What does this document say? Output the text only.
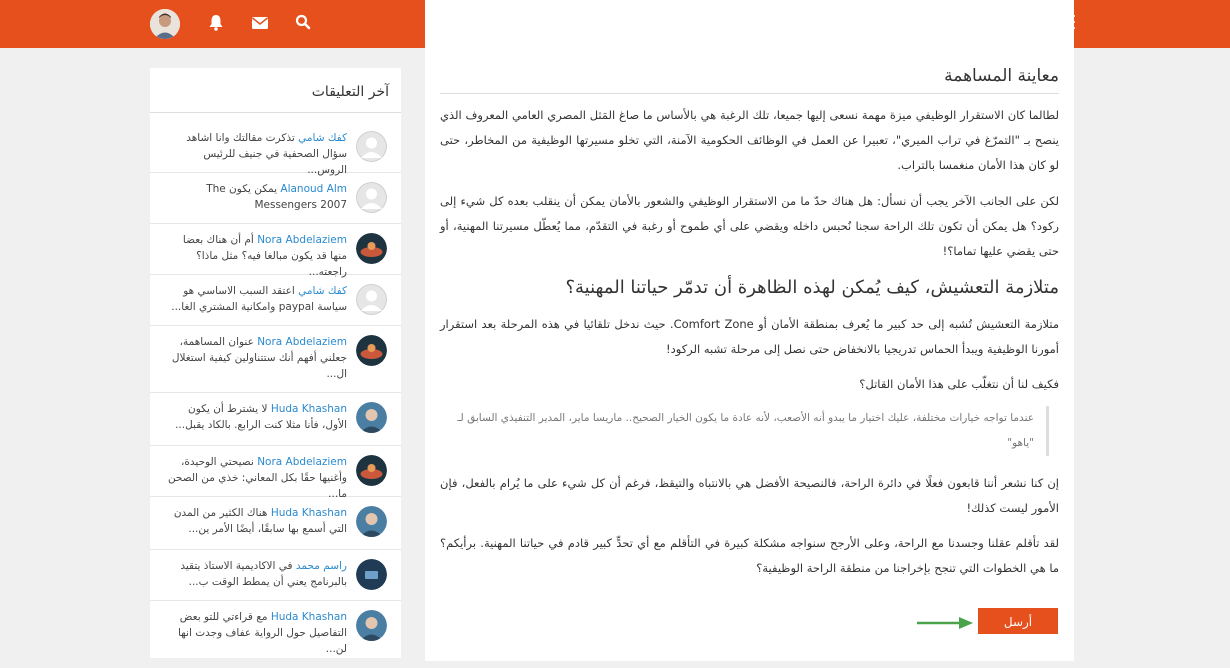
آخر التعليقات
كفك شامي تذكرت مقالتك وانا اشاهد سؤال الصحفية في جنيف للرئيس الروس...
Alanoud Alm يمكن يكون The Messengers 2007
Nora Abdelaziem أم أن هناك بعضا منها قد يكون مبالغا فيه؟ مثل ماذا؟ راجعته...
كفك شامي اعتقد السبب الاساسي هو سياسة paypal وامكانية المشتري الغا...
Nora Abdelaziem عنوان المساهمة، جعلني أفهم أنك ستتناولين كيفية استغلال ال...
Huda Khashan لا يشترط أن يكون الأول، فأنا مثلا كنت الرابع. بالكاد يقبل...
Nora Abdelaziem نصيحتي الوحيدة، وأغنيها حقًا بكل المعاني: خذي من الصحن ما...
Huda Khashan هناك الكثير من المدن التي أسمع بها سابقًا، أيضًا الأمر ين...
راسم محمد في الاكاديمية الاستاذ يتقيد بالبرنامج يعني أن يمطط الوقت ب...
Huda Khashan مع قراءتي للتو بعض التفاصيل حول الرواية عفاف وجدت انها لن...
معاينة المساهمة

لطالما كان الاستقرار الوظيفي ميزة مهمة نسعى إليها جميعا، تلك الرغبة هي بالأساس ما صاغ المَثل المصري العامي المعروف الذي ينصح بـ "التمرّغ في تراب الميري"، تعبيرا عن العمل في الوظائف الحكومية الآمنة، التي تخلو مسيرتها الوظيفية من المخاطر، حتى لو كان هذا الأمان منغمسا بالتراب.

لكن على الجانب الآخر يجب أن نسأل: هل هناك حدّ ما من الاستقرار الوظيفي والشعور بالأمان يمكن أن ينقلب بعده كل شيء إلى ركود؟ هل يمكن أن تكون تلك الراحة سجنا نُحبس داخله ويقضي على أي طموح أو رغبة في التقدّم، مما يُعطّل مسيرتنا المهنية، أو حتى يقضي عليها تماما؟!

متلازمة التعشيش، كيف يُمكن لهذه الظاهرة أن تدمّر حياتنا المهنية؟

متلازمة التعشيش تُشبه إلى حد كبير ما يُعرف بمنطقة الأمان أو Comfort Zone. حيث ندخل تلقائيا في هذه المرحلة بعد استقرار أمورنا الوظيفية ويبدأ الحماس تدريجيا بالانخفاض حتى نصل إلى مرحلة تشبه الركود!

فكيف لنا أن نتغلّب على هذا الأمان القاتل؟

عندما تواجه خيارات مختلفة، عليك اختيار ما يبدو أنه الأصعب، لأنه عادة ما يكون الخيار الصحيح.. ماريسا ماير، المدير التنفيذي السابق لـ "ياهو"

إن كنا نشعر أننا قابعون فعلًا في دائرة الراحة، فالنصيحة الأفضل هي بالانتباه والتيقظ، فرغم أن كل شيء على ما يُرام بالفعل، فإن الأمور ليست كذلك!

لقد تأقلم عقلنا وجسدنا مع الراحة، وعلى الأرجح سنواجه مشكلة كبيرة في التأقلم مع أي تحدٍّ كبير قادم في حياتنا المهنية. برأيكم؟ ما هي الخطوات التي تنجح بإخراجنا من منطقة الراحة الوظيفية؟

أرسل
